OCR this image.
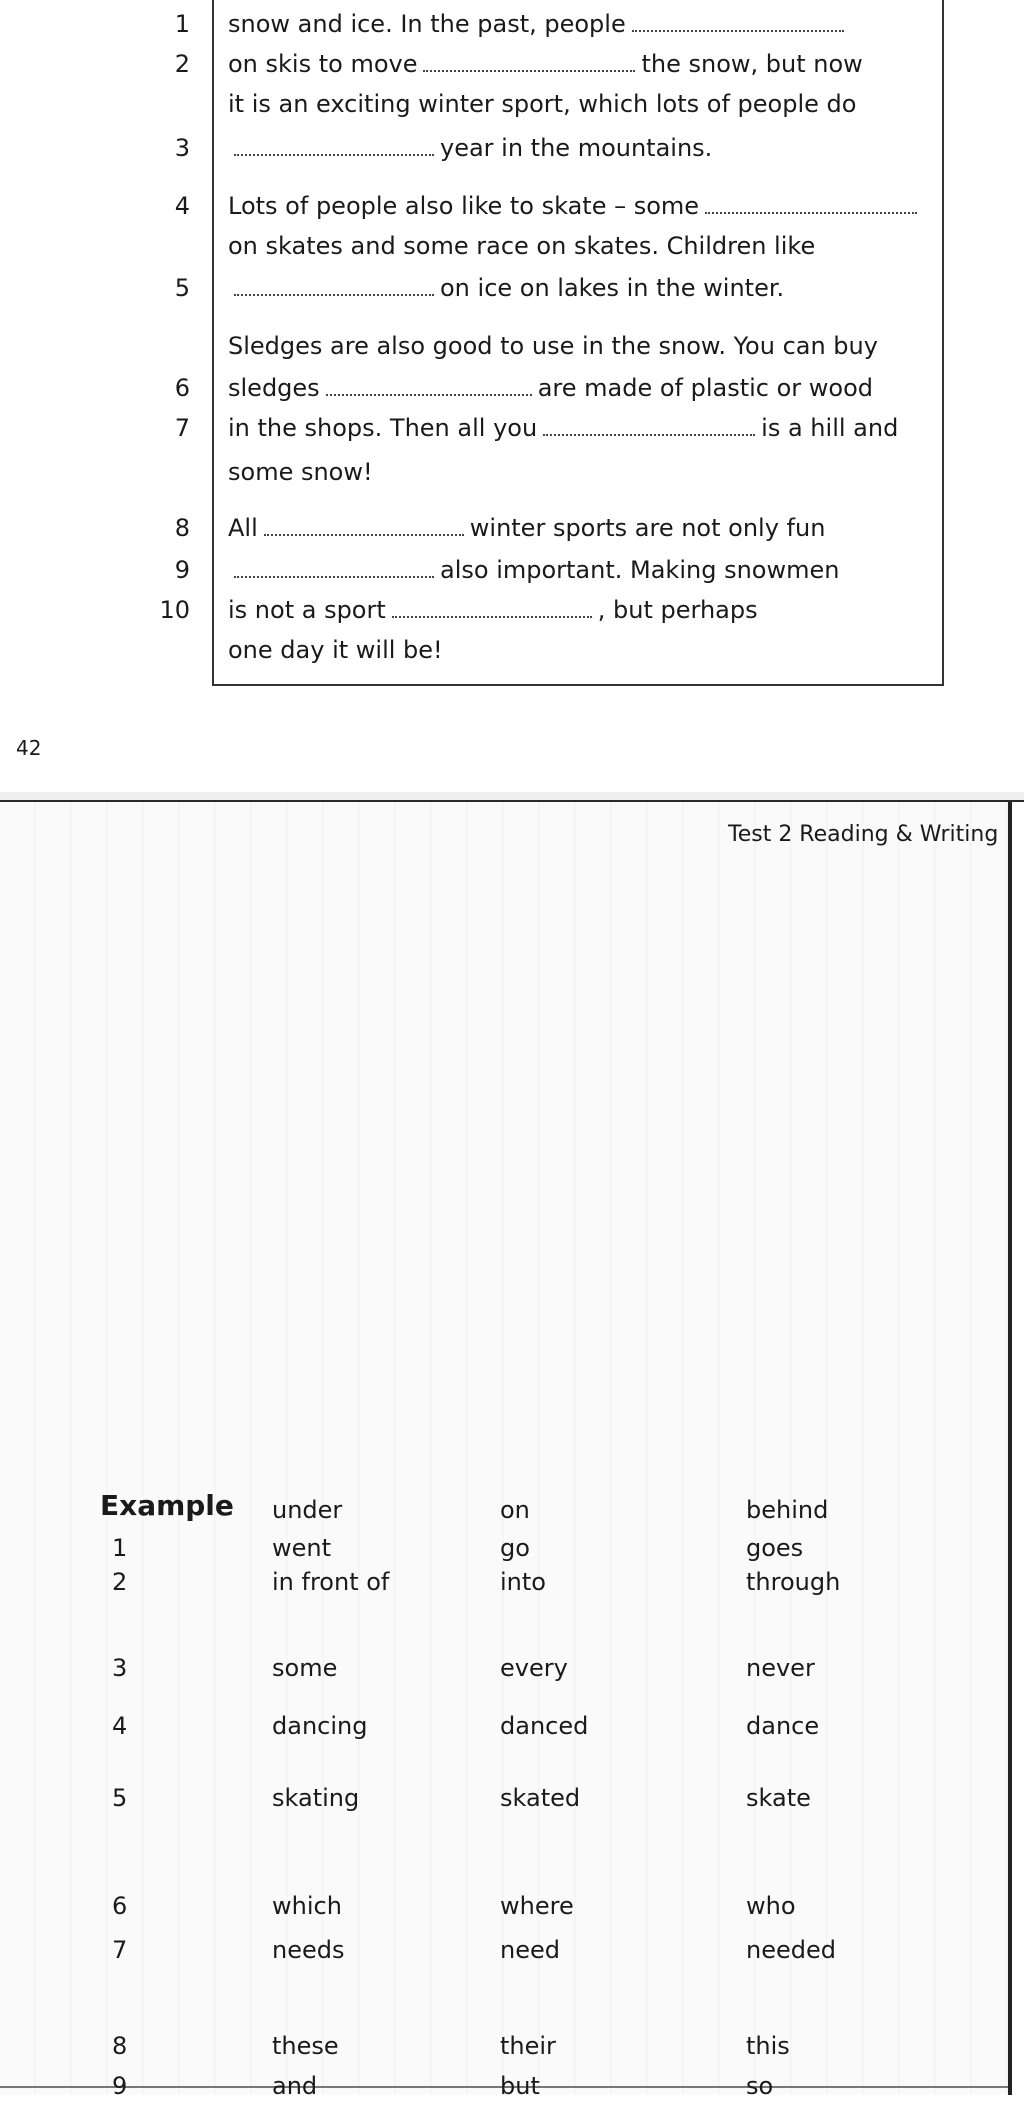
1 snow and ice. In the past, people
2 on skis to move	the snow, but now
it is an exciting winter sport, which lots of people do
3	year in the mountains.
4 Lots of people also like to skate – some
on skates and some race on skates. Children like
5	on ice on lakes in the winter.
Sledges are also good to use in the snow. You can buy
6 sledges	are made of plastic or wood
7 in the shops. Then all you	is a hill and
some snow!
8 All	winter sports are not only fun
9	also important. Making snowmen
10 is not a sport	, but perhaps
one day it will be!
42
Test 2 Reading & Writing
Example under	on	behind
1	went	go	goes
2	in front of	into	through
3	some	every	never
4	dancing	danced	dance
5	skating	skated	skate
6	which	where	who
7	needs	need	needed
8	these	their	this
9	and	but	so
